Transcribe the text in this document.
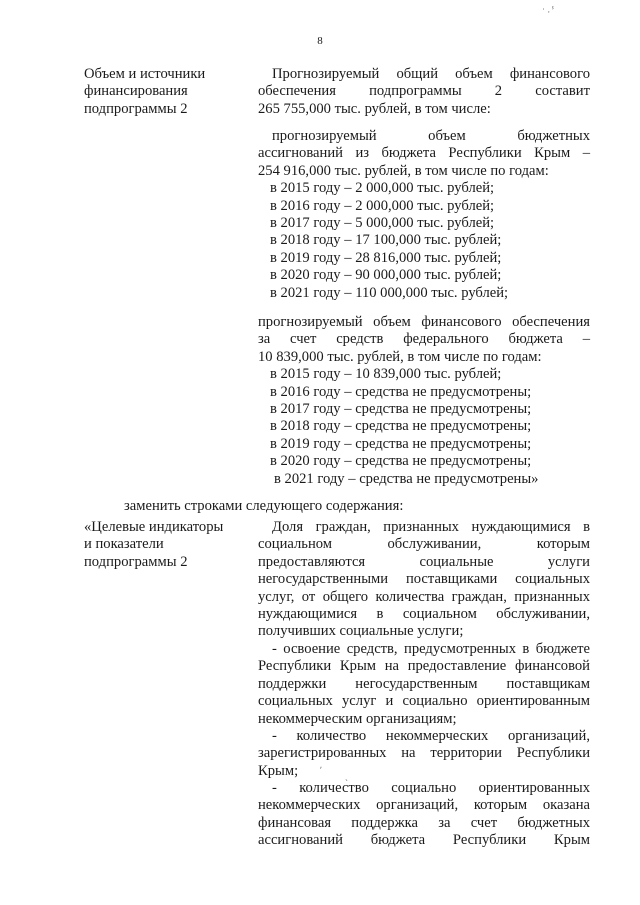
8
˙ ·ⸯ
Объем и источники
финансирования
подпрограммы 2
Прогнозируемый общий объем финансового
обеспечения подпрограммы 2 составит
265 755,000 тыс. рублей, в том числе:
прогнозируемый объем бюджетных
ассигнований из бюджета Республики Крым –
254 916,000 тыс. рублей, в том числе по годам:
в 2015 году – 2 000,000 тыс. рублей;
в 2016 году – 2 000,000 тыс. рублей;
в 2017 году – 5 000,000 тыс. рублей;
в 2018 году – 17 100,000 тыс. рублей;
в 2019 году – 28 816,000 тыс. рублей;
в 2020 году – 90 000,000 тыс. рублей;
в 2021 году – 110 000,000 тыс. рублей;
прогнозируемый объем финансового обеспечения
за счет средств федерального бюджета –
10 839,000 тыс. рублей, в том числе по годам:
в 2015 году – 10 839,000 тыс. рублей;
в 2016 году – средства не предусмотрены;
в 2017 году – средства не предусмотрены;
в 2018 году – средства не предусмотрены;
в 2019 году – средства не предусмотрены;
в 2020 году – средства не предусмотрены;
в 2021 году – средства не предусмотрены»
заменить строками следующего содержания:
«Целевые индикаторы
и показатели
подпрограммы 2
Доля граждан, признанных нуждающимися в
социальном обслуживании, которым
предоставляются социальные услуги
негосударственными поставщиками социальных
услуг, от общего количества граждан, признанных
нуждающимися в социальном обслуживании,
получивших социальные услуги;
- освоение средств, предусмотренных в бюджете
Республики Крым на предоставление финансовой
поддержки негосударственным поставщикам
социальных услуг и социально ориентированным
некоммерческим организациям;
- количество некоммерческих организаций,
зарегистрированных на территории Республики
Крым;
- количество социально ориентированных
некоммерческих организаций, которым оказана
финансовая поддержка за счет бюджетных
ассигнований бюджета Республики Крым
ʹ
ˎ
